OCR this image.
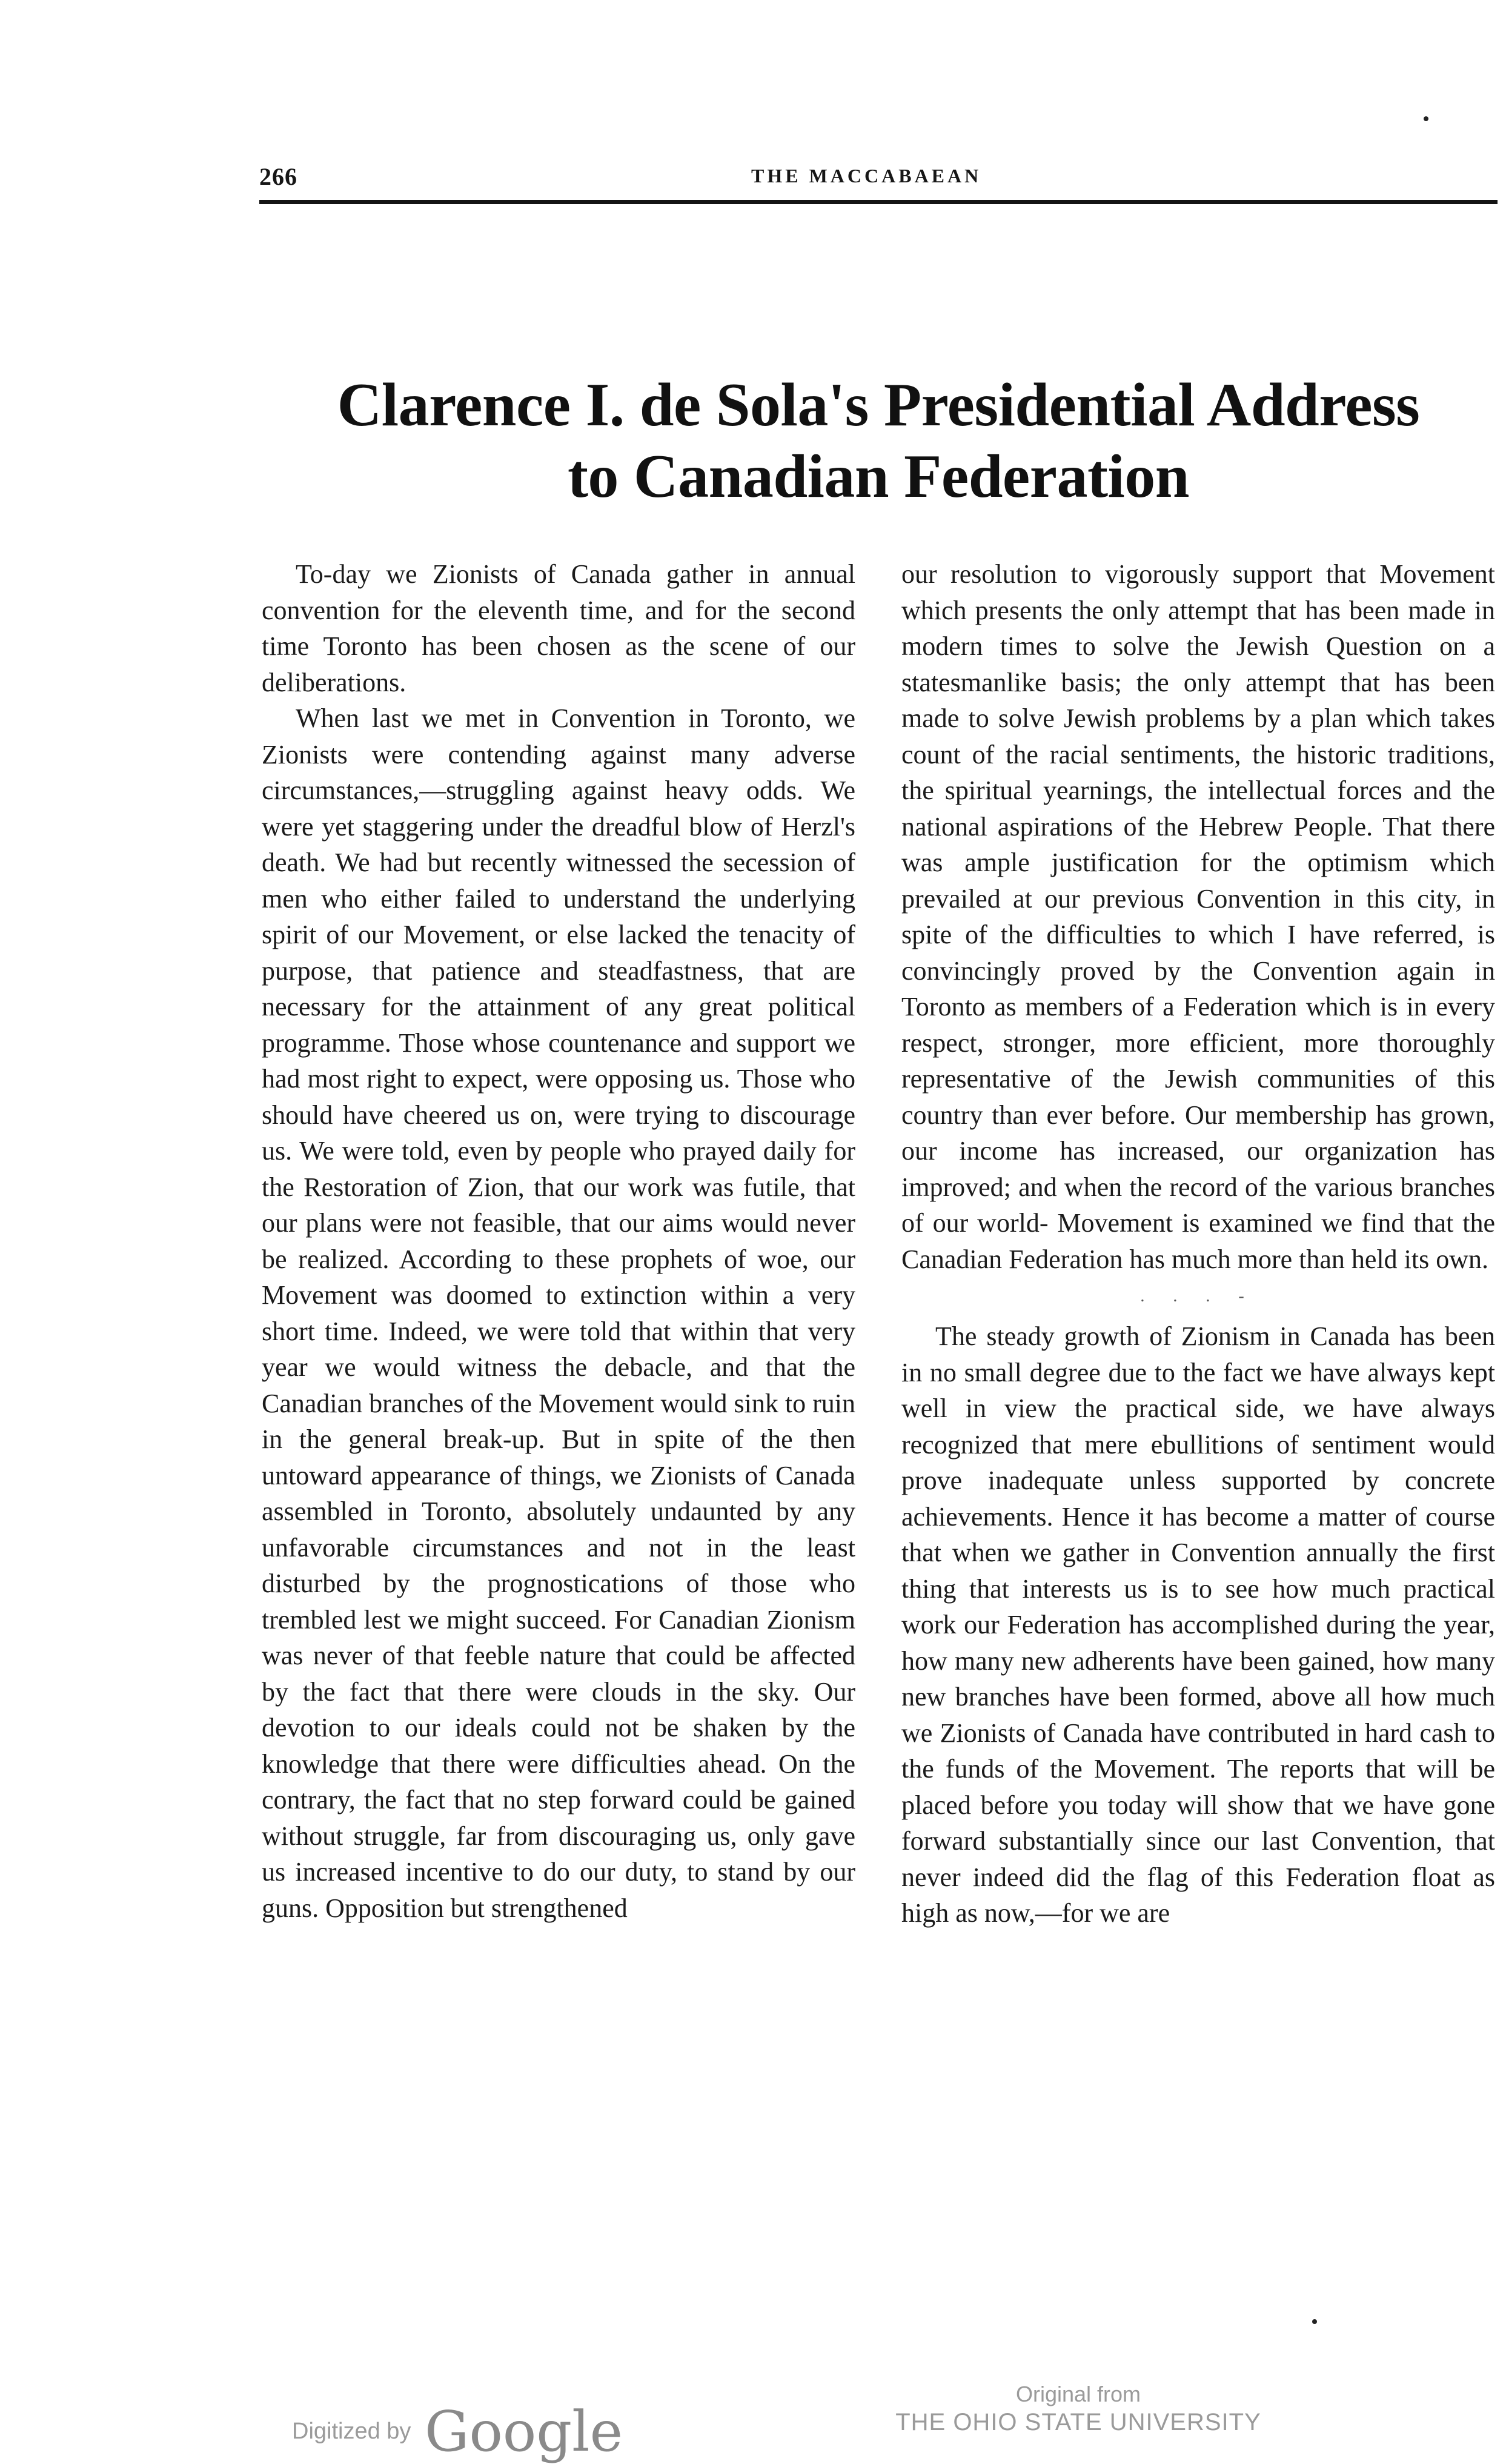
266	THE MACCABAEAN
Clarence I. de Sola's Presidential Address
to Canadian Federation

To-day we Zionists of Canada gather in annual convention for the eleventh time, and for the second time Toronto has been chosen as the scene of our deliberations.

When last we met in Convention in Toronto, we Zionists were contending against many adverse circumstances,—struggling against heavy odds. We were yet staggering under the dreadful blow of Herzl's death. We had but recently witnessed the secession of men who either failed to understand the underlying spirit of our Movement, or else lacked the tenacity of purpose, that patience and steadfastness, that are necessary for the attainment of any great political programme. Those whose countenance and support we had most right to expect, were opposing us. Those who should have cheered us on, were trying to discourage us. We were told, even by people who prayed daily for the Restoration of Zion, that our work was futile, that our plans were not feasible, that our aims would never be realized. According to these prophets of woe, our Movement was doomed to extinction within a very short time. Indeed, we were told that within that very year we would witness the debacle, and that the Canadian branches of the Movement would sink to ruin in the general break-up. But in spite of the then untoward appearance of things, we Zionists of Canada assembled in Toronto, absolutely undaunted by any unfavorable circumstances and not in the least disturbed by the prognostications of those who trembled lest we might succeed. For Canadian Zionism was never of that feeble nature that could be affected by the fact that there were clouds in the sky. Our devotion to our ideals could not be shaken by the knowledge that there were difficulties ahead. On the contrary, the fact that no step forward could be gained without struggle, far from discouraging us, only gave us increased incentive to do our duty, to stand by our guns. Opposition but strengthened

our resolution to vigorously support that Movement which presents the only attempt that has been made in modern times to solve the Jewish Question on a statesmanlike basis; the only attempt that has been made to solve Jewish problems by a plan which takes count of the racial sentiments, the historic traditions, the spiritual yearnings, the intellectual forces and the national aspirations of the Hebrew People. That there was ample justification for the optimism which prevailed at our previous Convention in this city, in spite of the difficulties to which I have referred, is convincingly proved by the Convention again in Toronto as members of a Federation which is in every respect, stronger, more efficient, more thoroughly representative of the Jewish communities of this country than ever before. Our membership has grown, our income has increased, our organization has improved; and when the record of the various branches of our world- Movement is examined we find that the Canadian Federation has much more than held its own.

. . . -

The steady growth of Zionism in Canada has been in no small degree due to the fact we have always kept well in view the practical side, we have always recognized that mere ebullitions of sentiment would prove inadequate unless supported by concrete achievements. Hence it has become a matter of course that when we gather in Convention annually the first thing that interests us is to see how much practical work our Federation has accomplished during the year, how many new adherents have been gained, how many new branches have been formed, above all how much we Zionists of Canada have contributed in hard cash to the funds of the Movement. The reports that will be placed before you today will show that we have gone forward substantially since our last Convention, that never indeed did the flag of this Federation float as high as now,—for we are

Digitized by Google
Original from
THE OHIO STATE UNIVERSITY
